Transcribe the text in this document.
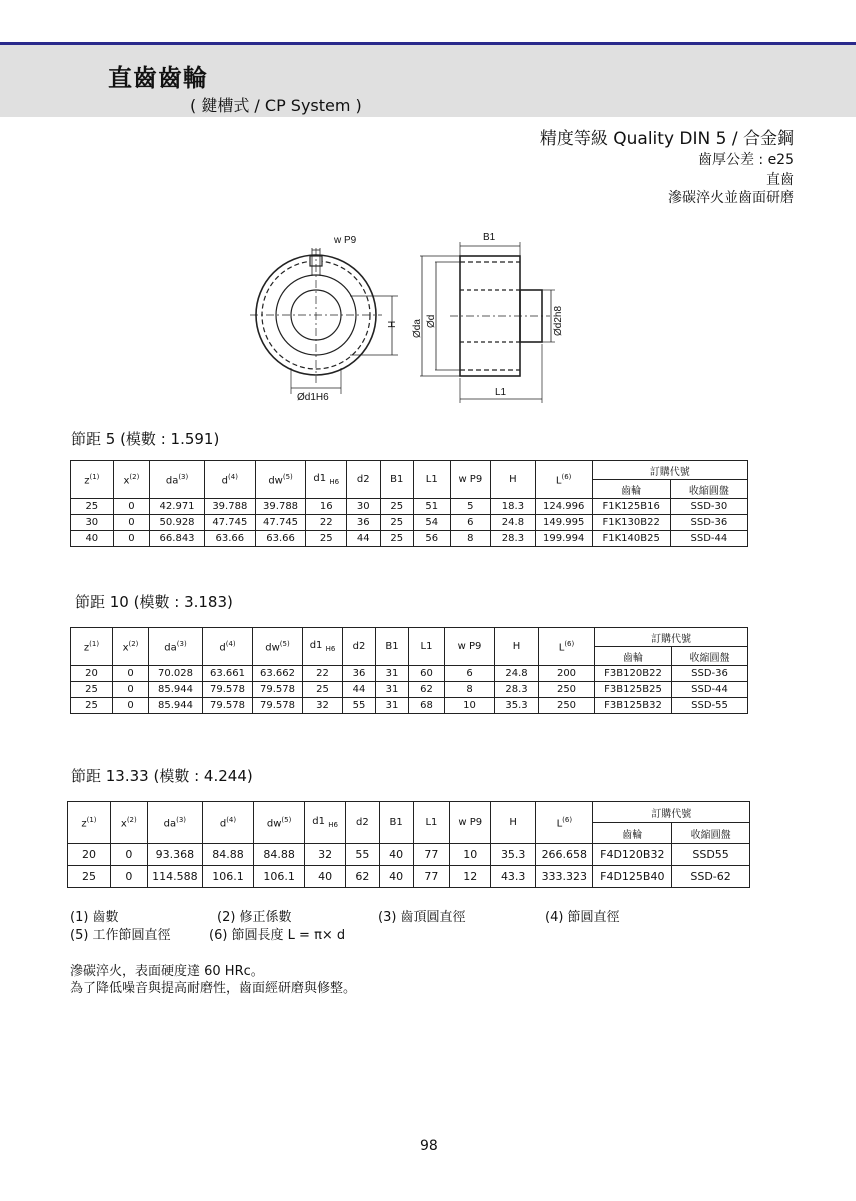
直齒齒輪
( 鍵槽式 / CP System )
精度等級 Quality DIN 5 / 合金鋼
齒厚公差 : e25
直齒
滲碳淬火並齒面研磨
w P9	B1
H Øda Ød	Ød2h8
Ød1H6	L1
節距 5 (模數 : 1.591)
$z^{(1)}$	$x^{(2)}$	$da^{(3)}$	$d^{(4)}$	$dw^{(5)}$	d1 $_{H6}$	d2	B1	L1	w P9	H	$L^{(6)}$	訂購代號	
												齒輪	收縮圓盤
25	0	42.971	39.788	39.788	16	30	25	51	5	18.3	124.996	F1K125B16	SSD-30
30	0	50.928	47.745	47.745	22	36	25	54	6	24.8	149.995	F1K130B22	SSD-36
40	0	66.843	63.66	63.66	25	44	25	56	8	28.3	199.994	F1K140B25	SSD-44
節距 10 (模數 : 3.183)
$z^{(1)}$	$x^{(2)}$	$da^{(3)}$	$d^{(4)}$	$dw^{(5)}$	d1 $_{H6}$	d2	B1	L1	w P9	H	$L^{(6)}$	訂購代號	
												齒輪	收縮圓盤
20	0	70.028	63.661	63.662	22	36	31	60	6	24.8	200	F3B120B22	SSD-36
25	0	85.944	79.578	79.578	25	44	31	62	8	28.3	250	F3B125B25	SSD-44
25	0	85.944	79.578	79.578	32	55	31	68	10	35.3	250	F3B125B32	SSD-55
節距 13.33 (模數 : 4.244)
$z^{(1)}$	$x^{(2)}$	$da^{(3)}$	$d^{(4)}$	$dw^{(5)}$	d1 $_{H6}$	d2	B1	L1	w P9	H	$L^{(6)}$	訂購代號	
												齒輪	收縮圓盤
20	0	93.368	84.88	84.88	32	55	40	77	10	35.3	266.658	F4D120B32	SSD55
25	0	114.588	106.1	106.1	40	62	40	77	12	43.3	333.323	F4D125B40	SSD-62
(1) 齒數	(2) 修正係數	(3) 齒頂圓直徑	(4) 節圓直徑
(5) 工作節圓直徑	(6) 節圓長度 L = π× d
滲碳淬火，表面硬度達 60 HRc。
為了降低噪音與提高耐磨性，齒面經研磨與修整。
98
